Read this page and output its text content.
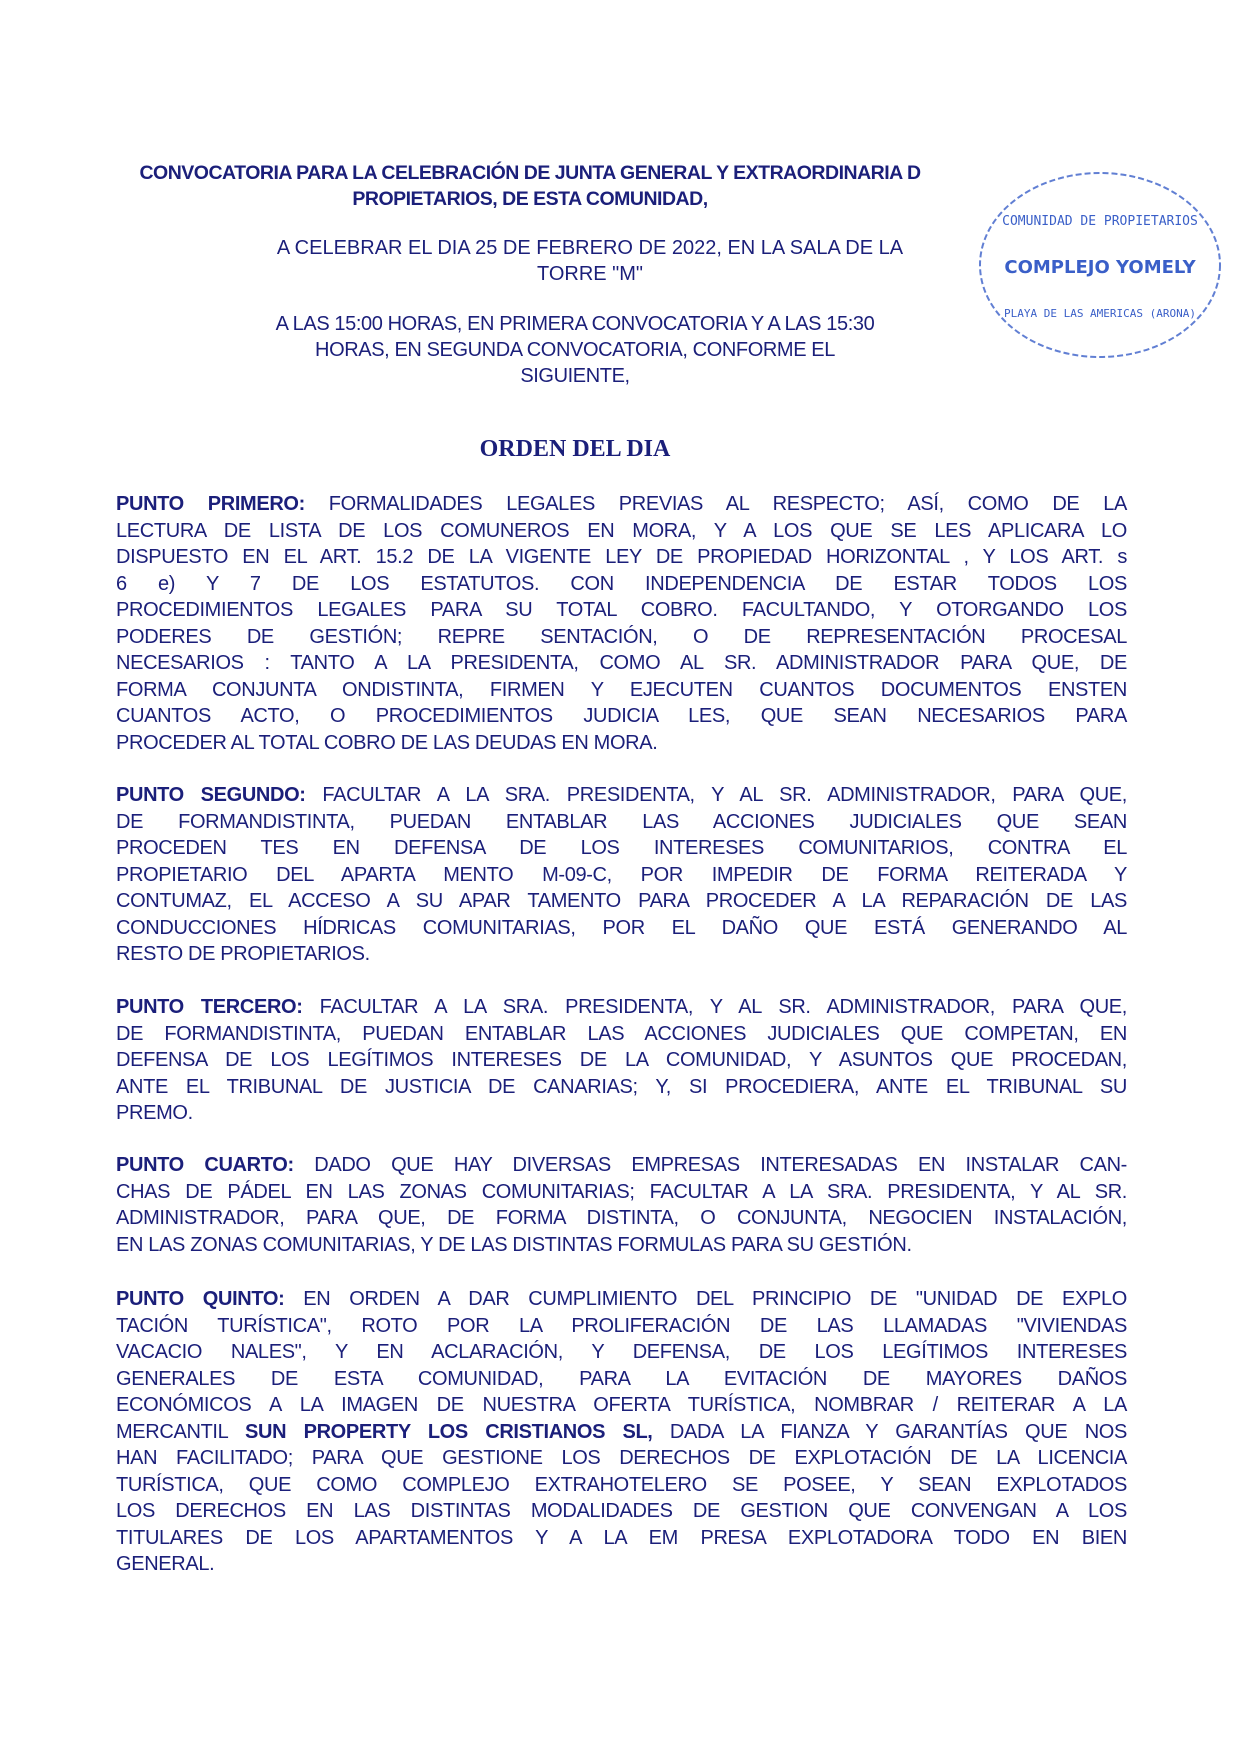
CONVOCATORIA PARA LA CELEBRACIÓN DE JUNTA GENERAL Y EXTRAORDINARIA D
PROPIETARIOS, DE ESTA COMUNIDAD,
A CELEBRAR EL DIA 25 DE FEBRERO DE 2022, EN LA SALA DE LA
TORRE "M"
A LAS 15:00 HORAS, EN PRIMERA CONVOCATORIA Y A LAS 15:30
HORAS, EN SEGUNDA CONVOCATORIA, CONFORME EL
SIGUIENTE,
COMUNIDAD DE PROPIETARIOS
COMPLEJO YOMELY
PLAYA DE LAS AMERICAS (ARONA)
ORDEN DEL DIA
PUNTO PRIMERO: FORMALIDADES LEGALES PREVIAS AL RESPECTO; ASÍ, COMO DE LA
LECTURA DE LISTA DE LOS COMUNEROS EN MORA, Y A LOS QUE SE LES APLICARA LO
DISPUESTO EN EL ART. 15.2 DE LA VIGENTE LEY DE PROPIEDAD HORIZONTAL , Y LOS ART. s
6 e) Y 7 DE LOS ESTATUTOS. CON INDEPENDENCIA DE ESTAR TODOS LOS
PROCEDIMIENTOS LEGALES PARA SU TOTAL COBRO. FACULTANDO, Y OTORGANDO LOS
PODERES DE GESTIÓN; REPRE SENTACIÓN, O DE REPRESENTACIÓN PROCESAL
NECESARIOS : TANTO A LA PRESIDENTA, COMO AL SR. ADMINISTRADOR PARA QUE, DE
FORMA CONJUNTA ONDISTINTA, FIRMEN Y EJECUTEN CUANTOS DOCUMENTOS ENSTEN
CUANTOS ACTO, O PROCEDIMIENTOS JUDICIA LES, QUE SEAN NECESARIOS PARA
PROCEDER AL TOTAL COBRO DE LAS DEUDAS EN MORA.
PUNTO SEGUNDO: FACULTAR A LA SRA. PRESIDENTA, Y AL SR. ADMINISTRADOR, PARA QUE,
DE FORMANDISTINTA, PUEDAN ENTABLAR LAS ACCIONES JUDICIALES QUE SEAN
PROCEDEN TES EN DEFENSA DE LOS INTERESES COMUNITARIOS, CONTRA EL
PROPIETARIO DEL APARTA MENTO M-09-C, POR IMPEDIR DE FORMA REITERADA Y
CONTUMAZ, EL ACCESO A SU APAR TAMENTO PARA PROCEDER A LA REPARACIÓN DE LAS
CONDUCCIONES HÍDRICAS COMUNITARIAS, POR EL DAÑO QUE ESTÁ GENERANDO AL
RESTO DE PROPIETARIOS.
PUNTO TERCERO: FACULTAR A LA SRA. PRESIDENTA, Y AL SR. ADMINISTRADOR, PARA QUE,
DE FORMANDISTINTA, PUEDAN ENTABLAR LAS ACCIONES JUDICIALES QUE COMPETAN, EN
DEFENSA DE LOS LEGÍTIMOS INTERESES DE LA COMUNIDAD, Y ASUNTOS QUE PROCEDAN,
ANTE EL TRIBUNAL DE JUSTICIA DE CANARIAS; Y, SI PROCEDIERA, ANTE EL TRIBUNAL SU
PREMO.
PUNTO CUARTO: DADO QUE HAY DIVERSAS EMPRESAS INTERESADAS EN INSTALAR CAN-
CHAS DE PÁDEL EN LAS ZONAS COMUNITARIAS; FACULTAR A LA SRA. PRESIDENTA, Y AL SR.
ADMINISTRADOR, PARA QUE, DE FORMA DISTINTA, O CONJUNTA, NEGOCIEN INSTALACIÓN,
EN LAS ZONAS COMUNITARIAS, Y DE LAS DISTINTAS FORMULAS PARA SU GESTIÓN.
PUNTO QUINTO: EN ORDEN A DAR CUMPLIMIENTO DEL PRINCIPIO DE "UNIDAD DE EXPLO
TACIÓN TURÍSTICA", ROTO POR LA PROLIFERACIÓN DE LAS LLAMADAS "VIVIENDAS
VACACIO NALES", Y EN ACLARACIÓN, Y DEFENSA, DE LOS LEGÍTIMOS INTERESES
GENERALES DE ESTA COMUNIDAD, PARA LA EVITACIÓN DE MAYORES DAÑOS
ECONÓMICOS A LA IMAGEN DE NUESTRA OFERTA TURÍSTICA, NOMBRAR / REITERAR A LA
MERCANTIL SUN PROPERTY LOS CRISTIANOS SL, DADA LA FIANZA Y GARANTÍAS QUE NOS
HAN FACILITADO; PARA QUE GESTIONE LOS DERECHOS DE EXPLOTACIÓN DE LA LICENCIA
TURÍSTICA, QUE COMO COMPLEJO EXTRAHOTELERO SE POSEE, Y SEAN EXPLOTADOS
LOS DERECHOS EN LAS DISTINTAS MODALIDADES DE GESTION QUE CONVENGAN A LOS
TITULARES DE LOS APARTAMENTOS Y A LA EM PRESA EXPLOTADORA TODO EN BIEN
GENERAL.
